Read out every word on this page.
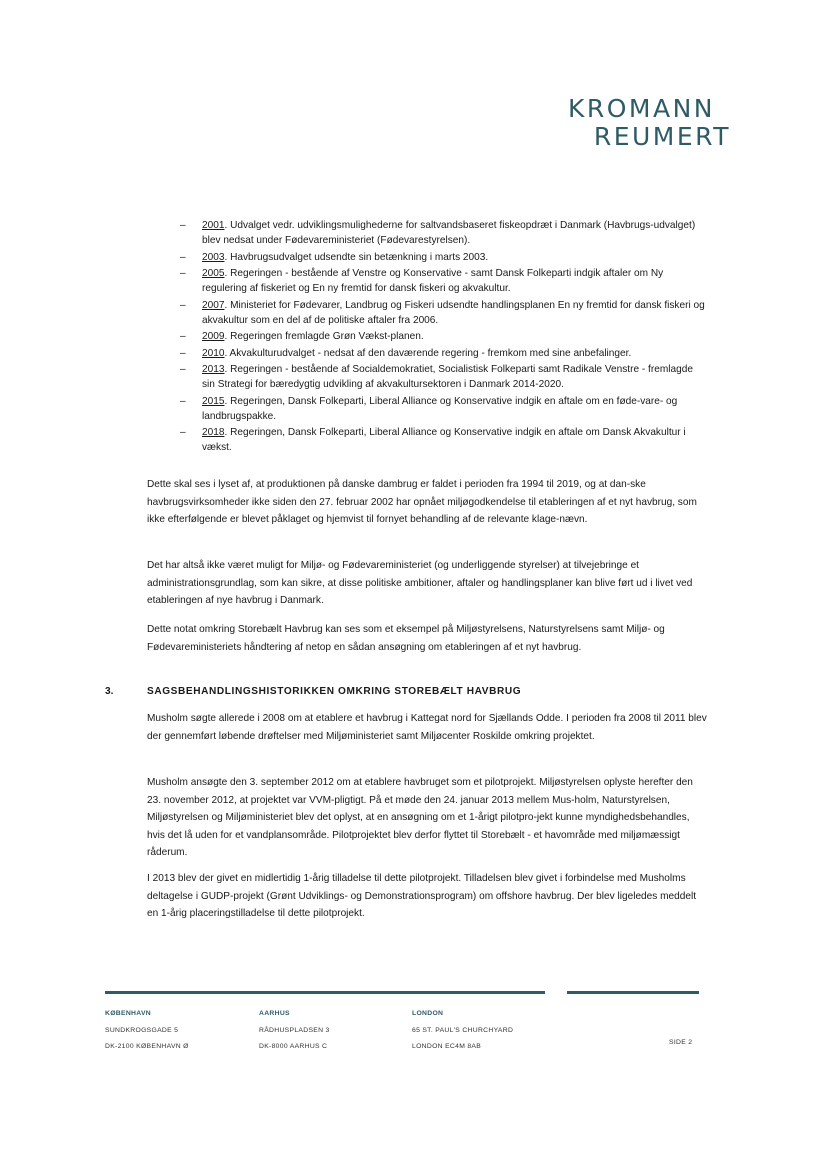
KROMANN
REUMERT
– 2001. Udvalget vedr. udviklingsmulighederne for saltvandsbaseret fiskeopdræt i Danmark (Havbrugs-udvalget) blev nedsat under Fødevareministeriet (Fødevarestyrelsen).
– 2003. Havbrugsudvalget udsendte sin betænkning i marts 2003.
– 2005. Regeringen - bestående af Venstre og Konservative - samt Dansk Folkeparti indgik aftaler om Ny regulering af fiskeriet og En ny fremtid for dansk fiskeri og akvakultur.
– 2007. Ministeriet for Fødevarer, Landbrug og Fiskeri udsendte handlingsplanen En ny fremtid for dansk fiskeri og akvakultur som en del af de politiske aftaler fra 2006.
– 2009. Regeringen fremlagde Grøn Vækst-planen.
– 2010. Akvakulturudvalget - nedsat af den daværende regering - fremkom med sine anbefalinger.
– 2013. Regeringen - bestående af Socialdemokratiet, Socialistisk Folkeparti samt Radikale Venstre - fremlagde sin Strategi for bæredygtig udvikling af akvakultursektoren i Danmark 2014-2020.
– 2015. Regeringen, Dansk Folkeparti, Liberal Alliance og Konservative indgik en aftale om en føde-vare- og landbrugspakke.
– 2018. Regeringen, Dansk Folkeparti, Liberal Alliance og Konservative indgik en aftale om Dansk Akvakultur i vækst.

Dette skal ses i lyset af, at produktionen på danske dambrug er faldet i perioden fra 1994 til 2019, og at dan-ske havbrugsvirksomheder ikke siden den 27. februar 2002 har opnået miljøgodkendelse til etableringen af et nyt havbrug, som ikke efterfølgende er blevet påklaget og hjemvist til fornyet behandling af de relevante klage-nævn.

Det har altså ikke været muligt for Miljø- og Fødevareministeriet (og underliggende styrelser) at tilvejebringe et administrationsgrundlag, som kan sikre, at disse politiske ambitioner, aftaler og handlingsplaner kan blive ført ud i livet ved etableringen af nye havbrug i Danmark.

Dette notat omkring Storebælt Havbrug kan ses som et eksempel på Miljøstyrelsens, Naturstyrelsens samt Miljø- og Fødevareministeriets håndtering af netop en sådan ansøgning om etableringen af et nyt havbrug.

3.	SAGSBEHANDLINGSHISTORIKKEN OMKRING STOREBÆLT HAVBRUG

Musholm søgte allerede i 2008 om at etablere et havbrug i Kattegat nord for Sjællands Odde. I perioden fra 2008 til 2011 blev der gennemført løbende drøftelser med Miljøministeriet samt Miljøcenter Roskilde omkring projektet.

Musholm ansøgte den 3. september 2012 om at etablere havbruget som et pilotprojekt. Miljøstyrelsen oplyste herefter den 23. november 2012, at projektet var VVM-pligtigt. På et møde den 24. januar 2013 mellem Mus-holm, Naturstyrelsen, Miljøstyrelsen og Miljøministeriet blev det oplyst, at en ansøgning om et 1-årigt pilotpro-jekt kunne myndighedsbehandles, hvis det lå uden for et vandplansområde. Pilotprojektet blev derfor flyttet til Storebælt - et havområde med miljømæssigt råderum.

I 2013 blev der givet en midlertidig 1-årig tilladelse til dette pilotprojekt. Tilladelsen blev givet i forbindelse med Musholms deltagelse i GUDP-projekt (Grønt Udviklings- og Demonstrationsprogram) om offshore havbrug. Der blev ligeledes meddelt en 1-årig placeringstilladelse til dette pilotprojekt.

KØBENHAVN
SUNDKROGSGADE 5
DK-2100 KØBENHAVN Ø
AARHUS
RÅDHUSPLADSEN 3
DK-8000 AARHUS C
LONDON
65 ST. PAUL'S CHURCHYARD
LONDON EC4M 8AB
SIDE 2
